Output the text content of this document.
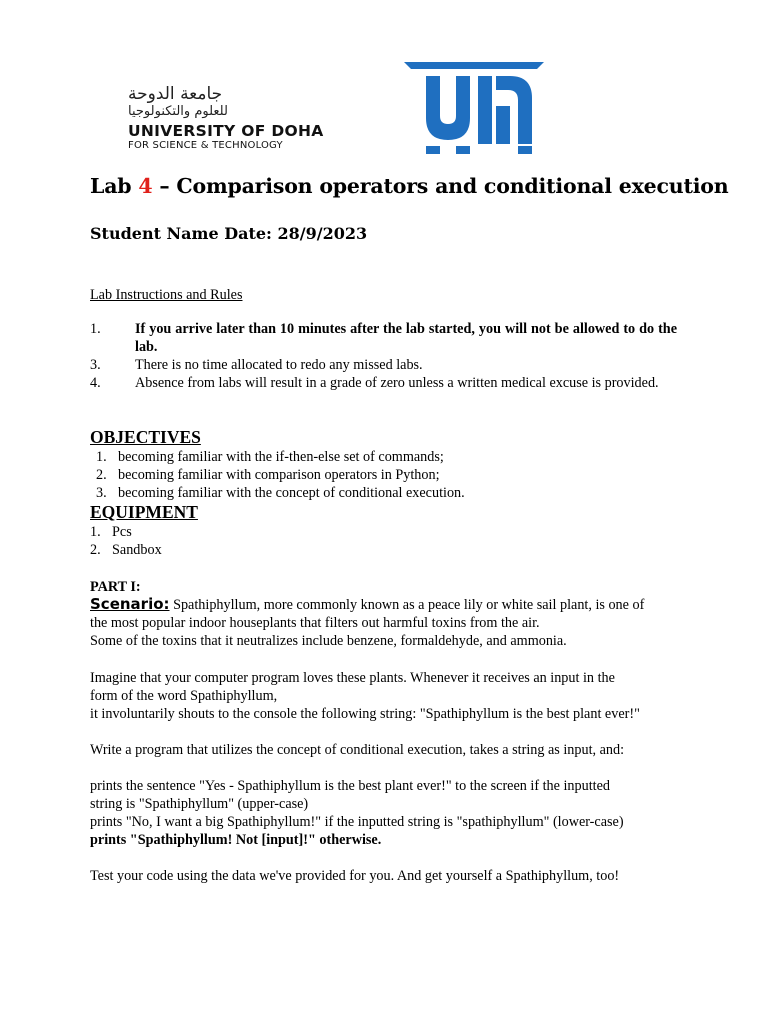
جامعة الدوحة
للعلوم والتكنولوجيا
UNIVERSITY OF DOHA
FOR SCIENCE & TECHNOLOGY
Lab 4 – Comparison operators and conditional execution
Student Name Date: 28/9/2023
Lab Instructions and Rules
1.	If you arrive later than 10 minutes after the lab started, you will not be allowed to do the lab.
3.	There is no time allocated to redo any missed labs.
4.	Absence from labs will result in a grade of zero unless a written medical excuse is provided.
OBJECTIVES
1. becoming familiar with the if-then-else set of commands;
2. becoming familiar with comparison operators in Python;
3. becoming familiar with the concept of conditional execution.
EQUIPMENT
1. Pcs
2. Sandbox
PART I:
Scenario: Spathiphyllum, more commonly known as a peace lily or white sail plant, is one of
the most popular indoor houseplants that filters out harmful toxins from the air.
Some of the toxins that it neutralizes include benzene, formaldehyde, and ammonia.
Imagine that your computer program loves these plants. Whenever it receives an input in the
form of the word Spathiphyllum,
it involuntarily shouts to the console the following string: "Spathiphyllum is the best plant ever!"
Write a program that utilizes the concept of conditional execution, takes a string as input, and:
prints the sentence "Yes - Spathiphyllum is the best plant ever!" to the screen if the inputted
string is "Spathiphyllum" (upper-case)
prints "No, I want a big Spathiphyllum!" if the inputted string is "spathiphyllum" (lower-case)
prints "Spathiphyllum! Not [input]!" otherwise.
Test your code using the data we've provided for you. And get yourself a Spathiphyllum, too!
